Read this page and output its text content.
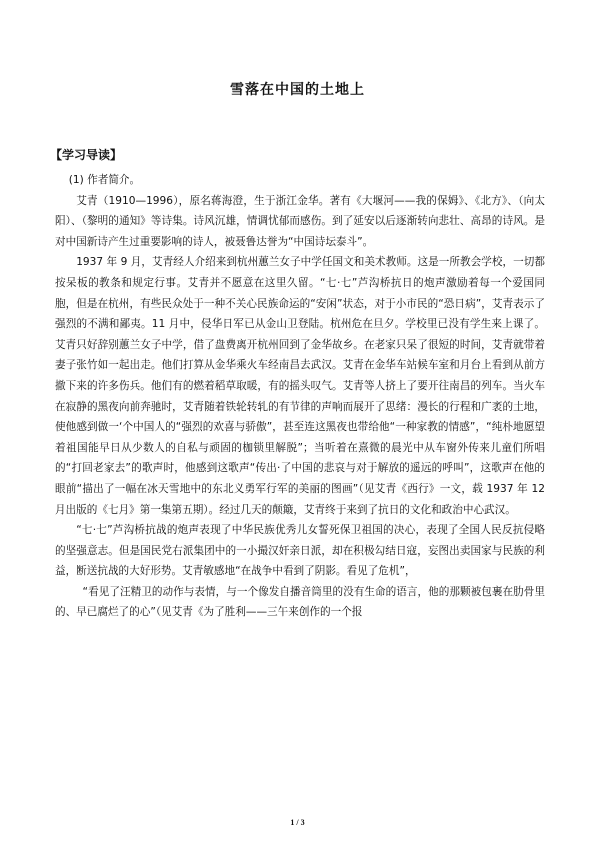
雪落在中国的土地上
【学习导读】

(1) 作者简介。

艾青（1910—1996），原名蒋海澄，生于浙江金华。著有《大堰河——我的保姆》、《北方》、（向太阳）、（黎明的通知》等诗集。诗风沉雄，情调忧郁而感伤。到了延安以后逐渐转向悲壮、高昂的诗风。是对中国新诗产生过重要影响的诗人，被聂鲁达誉为“中国诗坛泰斗”。

1937 年 9 月，艾青经人介绍来到杭州蕙兰女子中学任国文和美术教师。这是一所教会学校，一切都按呆板的教条和规定行事。艾青并不愿意在这里久留。“七·七”芦沟桥抗日的炮声激励着每一个爱国同胞，但是在杭州，有些民众处于一种不关心民族命运的“安闲”状态，对于小市民的“恐日病”，艾青表示了强烈的不满和鄙夷。11 月中，侵华日军已从金山卫登陆。杭州危在旦夕。学校里已没有学生来上课了。艾青只好辞别蕙兰女子中学，借了盘费离开杭州回到了金华故乡。在老家只呆了很短的时间，艾青就带着妻子张竹如一起出走。他们打算从金华乘火车经南昌去武汉。艾青在金华车站候车室和月台上看到从前方撤下来的许多伤兵。他们有的燃着稻草取暖，有的摇头叹气。艾青等人挤上了要开往南昌的列车。当火车在寂静的黑夜向前奔驰时，艾青随着铁轮转轧的有节律的声响而展开了思绪：漫长的行程和广袤的土地，使他感到做一‘个中国人的“强烈的欢喜与骄傲”，甚至连这黑夜也带给他“一种家教的情感”，“纯朴地愿望着祖国能早日从少数人的自私与顽固的枷锁里解脱”；当听着在熹微的晨光中从车窗外传来儿童们所唱的“打回老家去”的歌声时，他感到这歌声“传出·了中国的悲哀与对于解放的遥远的呼叫”，这歌声在他的眼前“描出了一幅在冰天雪地中的东北义勇军行军的美丽的图画”（见艾青《西行》一文，载 1937 年 12 月出版的《七月》第一集第五期）。经过几天的颠簸，艾青终于来到了抗日的文化和政治中心武汉。

“七·七”芦沟桥抗战的炮声表现了中华民族优秀儿女誓死保卫祖国的决心，表现了全国人民反抗侵略的坚强意志。但是国民党右派集团中的一小撮汉奸亲日派，却在积极勾结日寇，妄图出卖国家与民族的利益，断送抗战的大好形势。艾青敏感地“在战争中看到了阴影。看见了危机”，

“看见了汪精卫的动作与表情，与一个像发自播音筒里的没有生命的语言，他的那颗被包裹在肋骨里的、早已腐烂了的心”（见艾青《为了胜利——三午来创作的一个报

1 / 3
